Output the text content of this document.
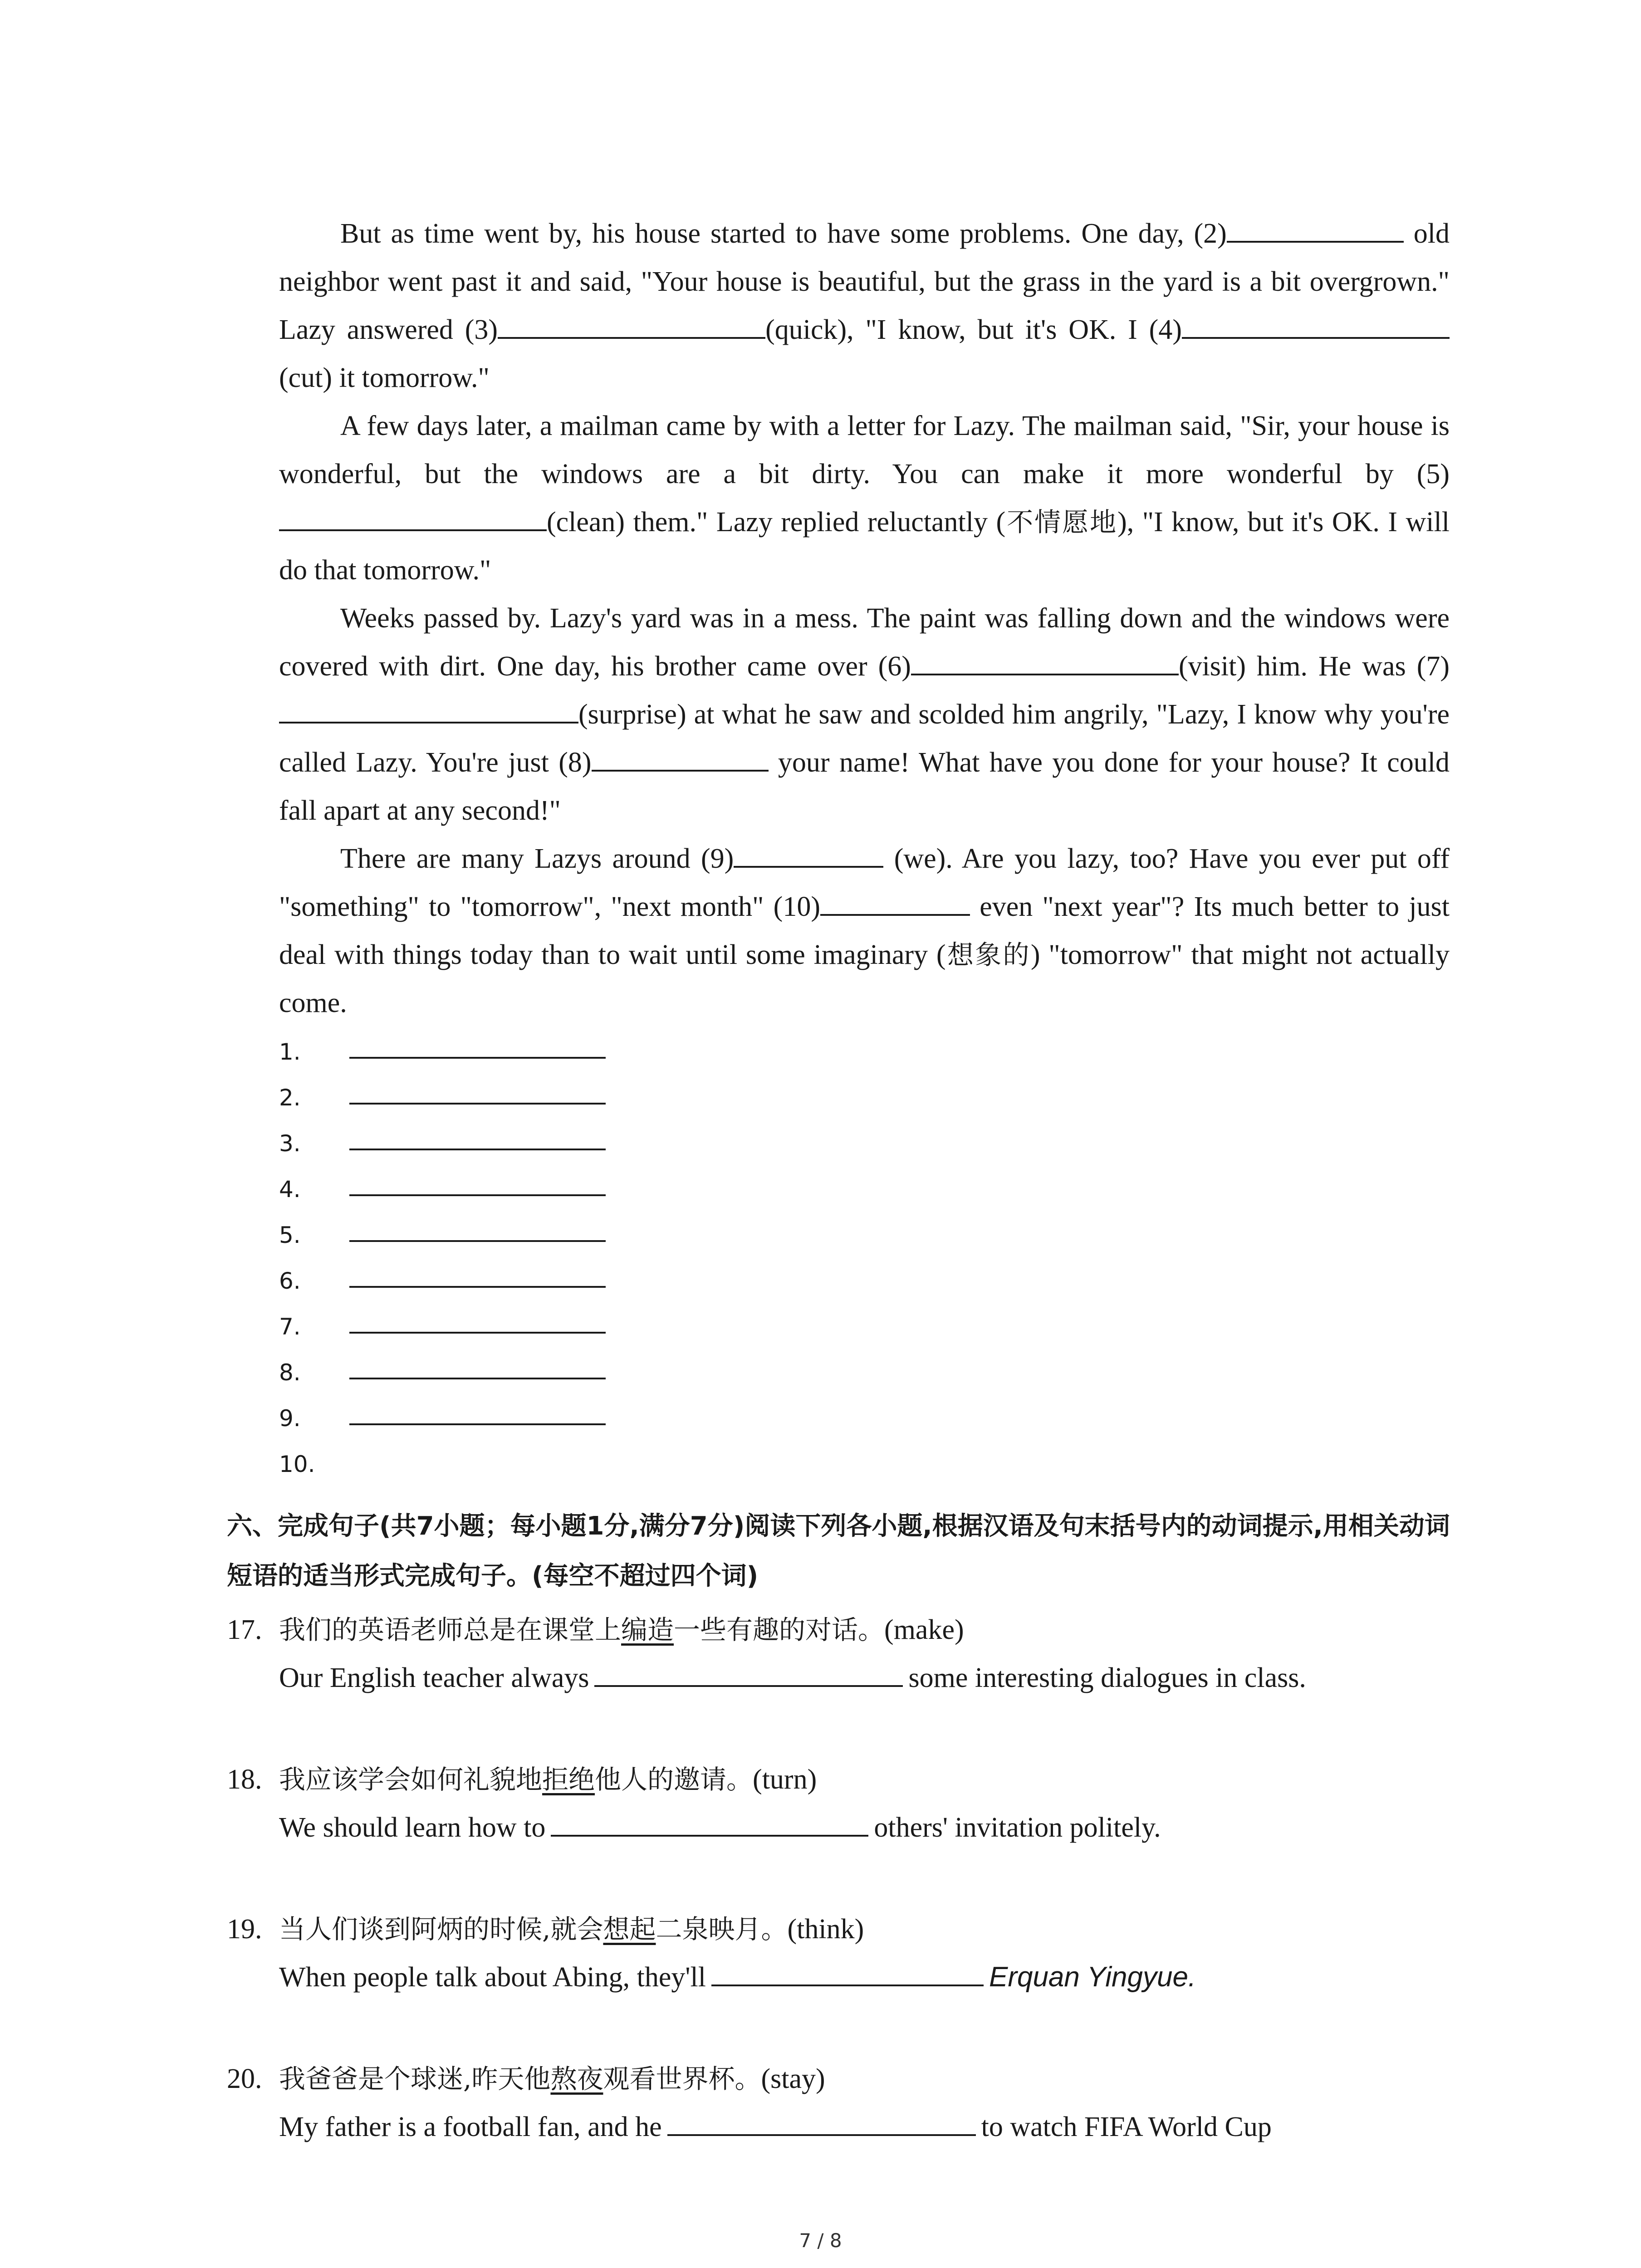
But as time went by, his house started to have some problems. One day, (2)	old neighbor went past it and said, "Your house is beautiful, but the grass in the yard is a bit overgrown." Lazy answered (3)	(quick), "I know, but it's OK. I (4)(cut) it tomorrow."

A few days later, a mailman came by with a letter for Lazy. The mailman said, "Sir, your house is wonderful, but the windows are a bit dirty. You can make it more wonderful by (5)(clean) them." Lazy replied reluctantly (不情愿地), "I know, but it's OK. I will do that tomorrow."

Weeks passed by. Lazy's yard was in a mess. The paint was falling down and the windows were covered with dirt. One day, his brother came over (6)	(visit) him. He was (7)(surprise) at what he saw and scolded him angrily, "Lazy, I know why you're called Lazy. You're just (8)	your name! What have you done for your house? It could fall apart at any second!"

There are many Lazys around (9)	(we). Are you lazy, too? Have you ever put off "something" to "tomorrow", "next month" (10)	even "next year"? Its much better to just deal with things today than to wait until some imaginary (想象的) "tomorrow" that might not actually come.

1.
2.
3.
4.
5.
6.
7.
8.
9.
10.

六、完成句子(共7小题；每小题1分,满分7分)阅读下列各小题,根据汉语及句末括号内的动词提示,用相关动词短语的适当形式完成句子。(每空不超过四个词)

17. 我们的英语老师总是在课堂上编造一些有趣的对话。(make)
Our English teacher always	some interesting dialogues in class.
18. 我应该学会如何礼貌地拒绝他人的邀请。(turn)
We should learn how to	others' invitation politely.
19. 当人们谈到阿炳的时候,就会想起二泉映月。(think)
When people talk about Abing, they'll	Erquan Yingyue.
20. 我爸爸是个球迷,昨天他熬夜观看世界杯。(stay)
My father is a football fan, and he	to watch FIFA World Cup
7 / 8
